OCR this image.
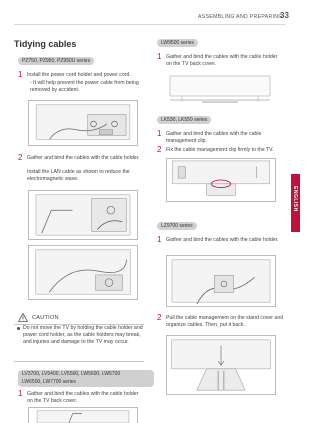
ASSEMBLING AND PREPARING
33
ENGLISH
Tidying cables
PZ750, PZ950, PZ950U series
1 Install the power cord holder and power cord.
- It will help prevent the power cable from being removed by accident.
2 Gather and bind the cables with the cable holder.
Install the LAN cable as shown to reduce the electromagnetic wave.
CAUTION
Do not move the TV by holding the cable holder and power cord holder, as the cable holders may break, and injuries and damage to the TV may occur.
LV3700, LV5400, LV5500, LW5600, LW5700
LW6500, LW7700 series
1 Gather and bind the cables with the cable holder on the TV back cover.
LW9500 series
1 Gather and bind the cables with the cable holder on the TV back cover.
LK530, LK550 series
1 Gather and bind the cables with the cable management clip.
2 Fix the cable management clip firmly to the TV.
LZ9700 series
1 Gather and bind the cables with the cable holder.
2 Pull the cable management on the stand cover and organize cables. Then, put it back.
